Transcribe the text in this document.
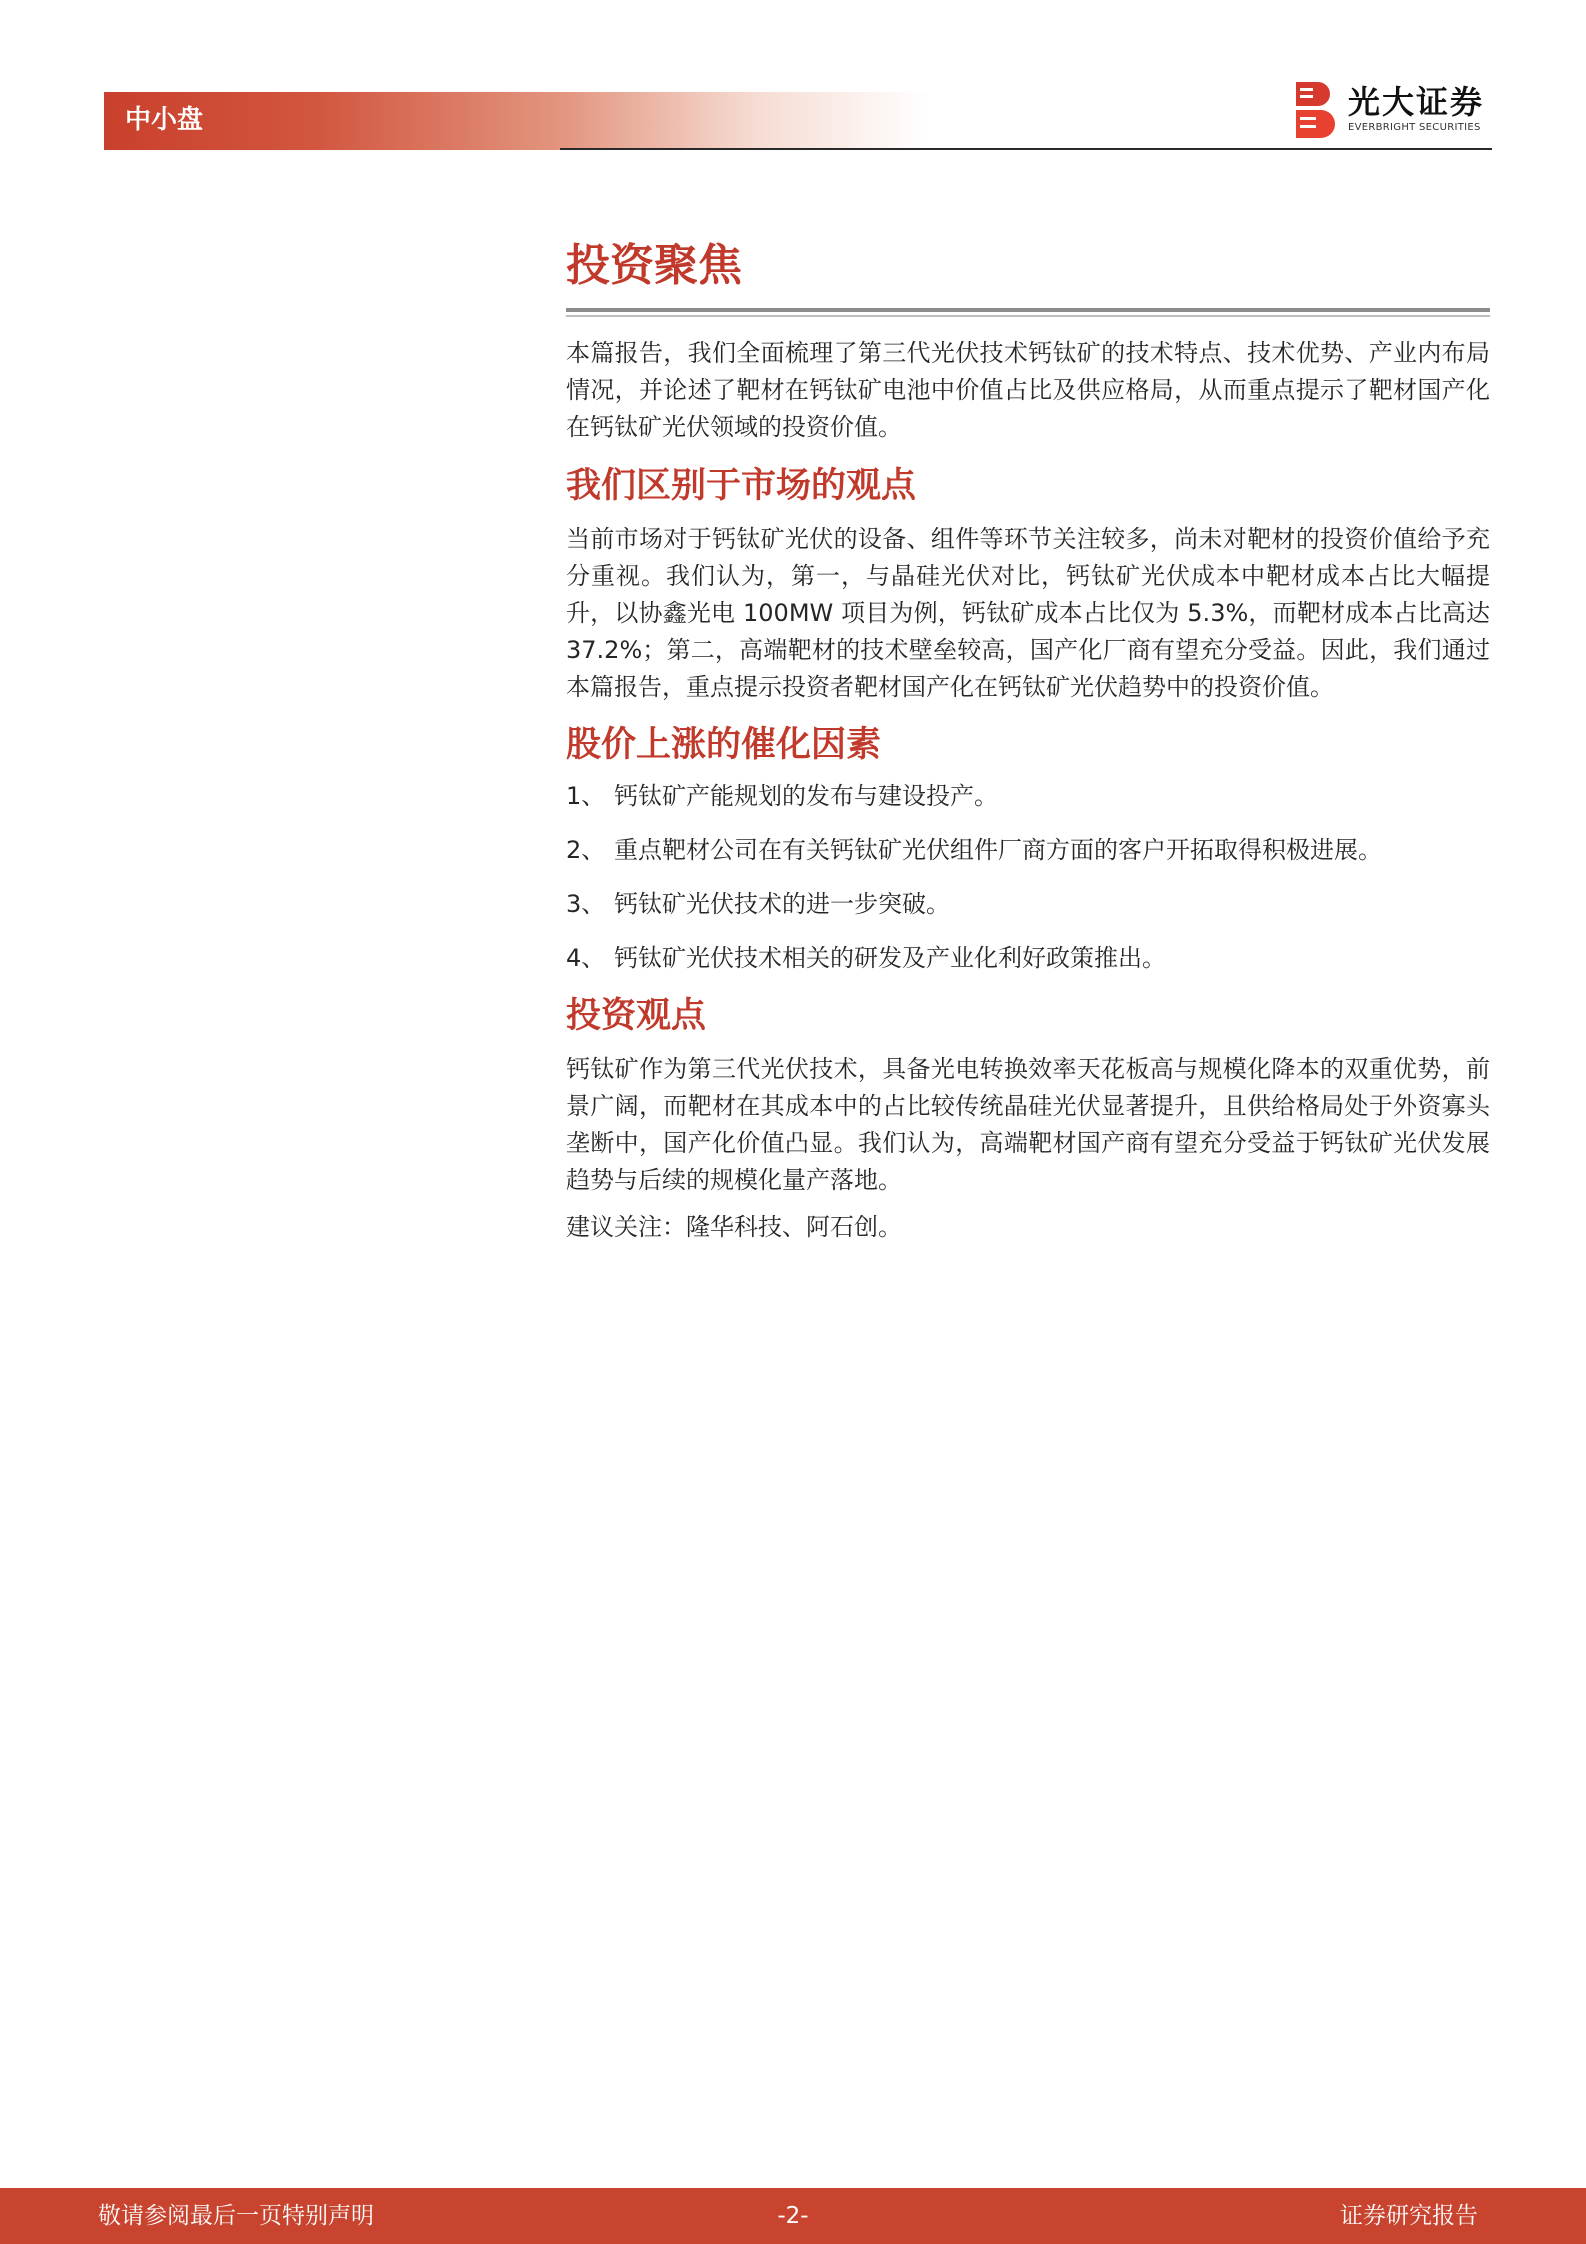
中小盘	光大证券
EVERBRIGHT SECURITIES
投资聚焦

本篇报告，我们全面梳理了第三代光伏技术钙钛矿的技术特点、技术优势、产业内布局情况，并论述了靶材在钙钛矿电池中价值占比及供应格局，从而重点提示了靶材国产化在钙钛矿光伏领域的投资价值。

我们区别于市场的观点

当前市场对于钙钛矿光伏的设备、组件等环节关注较多，尚未对靶材的投资价值给予充分重视。我们认为，第一，与晶硅光伏对比，钙钛矿光伏成本中靶材成本占比大幅提升，以协鑫光电 100MW 项目为例，钙钛矿成本占比仅为 5.3%，而靶材成本占比高达 37.2%；第二，高端靶材的技术壁垒较高，国产化厂商有望充分受益。因此，我们通过本篇报告，重点提示投资者靶材国产化在钙钛矿光伏趋势中的投资价值。

股价上涨的催化因素
1、 钙钛矿产能规划的发布与建设投产。
2、 重点靶材公司在有关钙钛矿光伏组件厂商方面的客户开拓取得积极进展。
3、 钙钛矿光伏技术的进一步突破。
4、 钙钛矿光伏技术相关的研发及产业化利好政策推出。
投资观点

钙钛矿作为第三代光伏技术，具备光电转换效率天花板高与规模化降本的双重优势，前景广阔，而靶材在其成本中的占比较传统晶硅光伏显著提升，且供给格局处于外资寡头垄断中，国产化价值凸显。我们认为，高端靶材国产商有望充分受益于钙钛矿光伏发展趋势与后续的规模化量产落地。

建议关注：隆华科技、阿石创。

敬请参阅最后一页特别声明	-2-	证券研究报告
